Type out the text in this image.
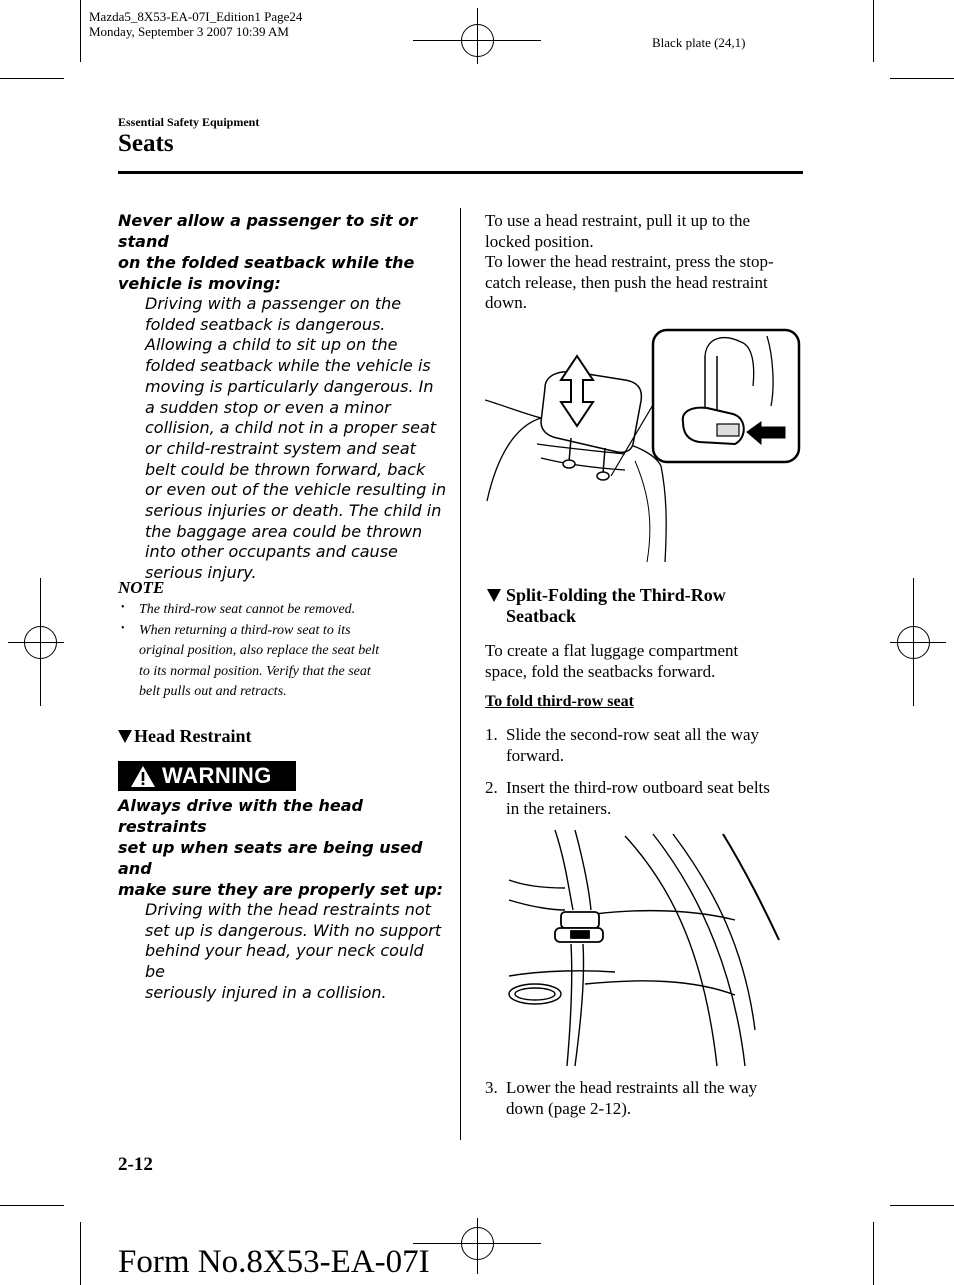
Mazda5_8X53-EA-07I_Edition1 Page24
Monday, September 3 2007 10:39 AM
Black plate (24,1)
Essential Safety Equipment
Seats
Never allow a passenger to sit or stand
on the folded seatback while the
vehicle is moving:
Driving with a passenger on the
folded seatback is dangerous.
Allowing a child to sit up on the
folded seatback while the vehicle is
moving is particularly dangerous. In
a sudden stop or even a minor
collision, a child not in a proper seat
or child-restraint system and seat
belt could be thrown forward, back
or even out of the vehicle resulting in
serious injuries or death. The child in
the baggage area could be thrown
into other occupants and cause
serious injury.
NOTE
• The third-row seat cannot be removed.
• When returning a third-row seat to its
original position, also replace the seat belt
to its normal position. Verify that the seat
belt pulls out and retracts.
Head Restraint
WARNING
Always drive with the head restraints
set up when seats are being used and
make sure they are properly set up:
Driving with the head restraints not
set up is dangerous. With no support
behind your head, your neck could be
seriously injured in a collision.
To use a head restraint, pull it up to the
locked position.
To lower the head restraint, press the stop-
catch release, then push the head restraint
down.
Split-Folding the Third-Row
Seatback
To create a flat luggage compartment
space, fold the seatbacks forward.
To fold third-row seat
1. Slide the second-row seat all the way
forward.
2. Insert the third-row outboard seat belts
in the retainers.
3. Lower the head restraints all the way
down (page 2-12).
2-12
Form No.8X53-EA-07I
